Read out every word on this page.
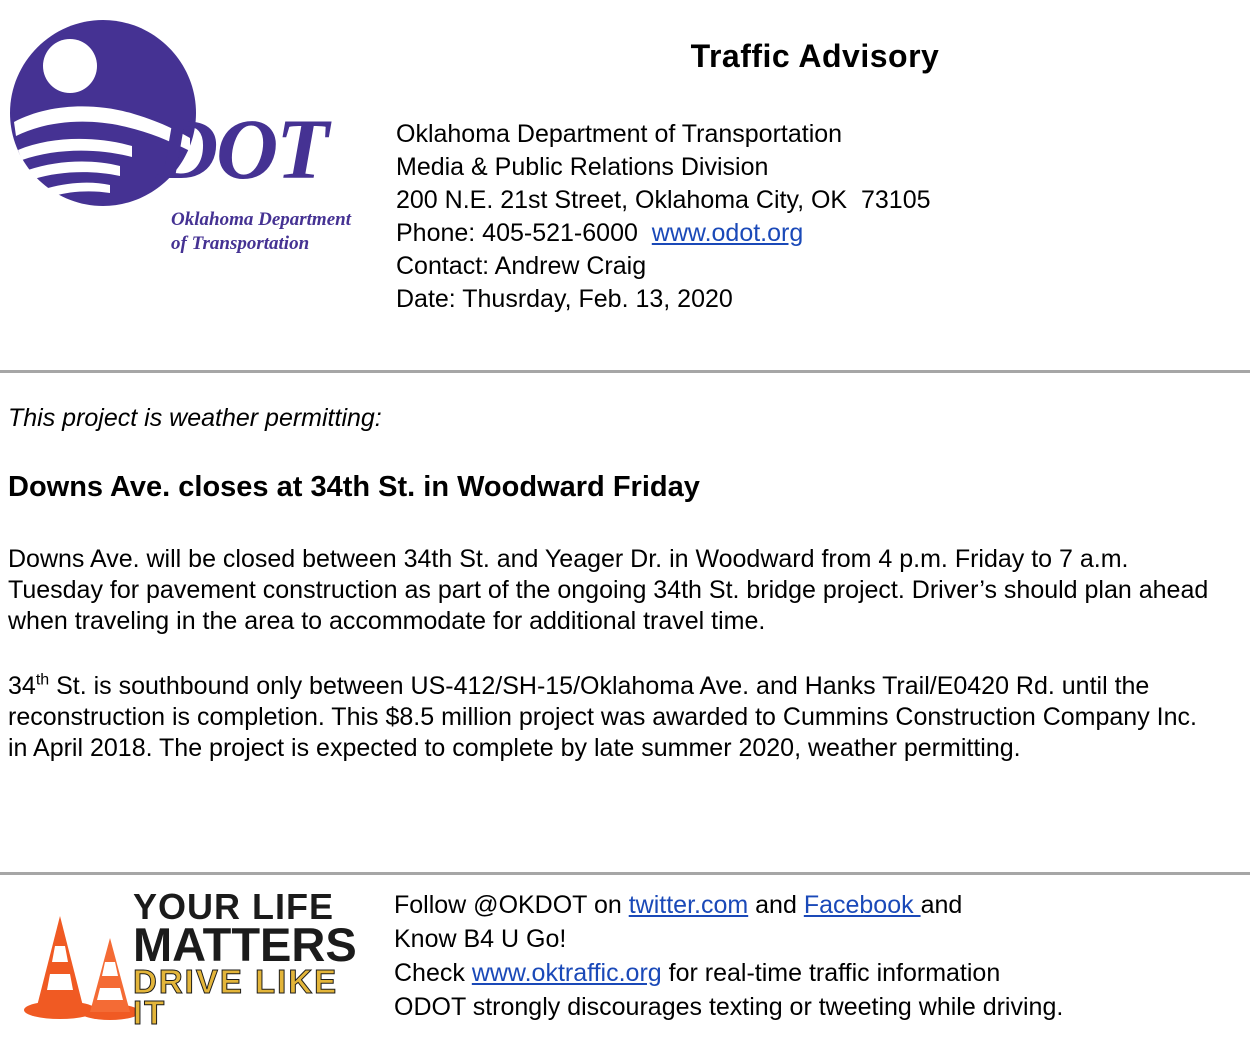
DOT
Oklahoma Department
of Transportation
Traffic Advisory
Oklahoma Department of Transportation
Media & Public Relations Division
200 N.E. 21st Street, Oklahoma City, OK  73105
Phone: 405-521-6000 www.odot.org
Contact: Andrew Craig
Date: Thusrday, Feb. 13, 2020

This project is weather permitting:

Downs Ave. closes at 34th St. in Woodward Friday

Downs Ave. will be closed between 34th St. and Yeager Dr. in Woodward from 4 p.m. Friday to 7 a.m. Tuesday for pavement construction as part of the ongoing 34th St. bridge project. Driver’s should plan ahead when traveling in the area to accommodate for additional travel time.

34th St. is southbound only between US-412/SH-15/Oklahoma Ave. and Hanks Trail/E0420 Rd. until the reconstruction is completion. This $8.5 million project was awarded to Cummins Construction Company Inc. in April 2018. The project is expected to complete by late summer 2020, weather permitting.

YOUR LIFE
MATTERS
DRIVE LIKE IT
Follow @OKDOT on twitter.com and Facebook and
Know B4 U Go!
Check www.oktraffic.org for real-time traffic information
ODOT strongly discourages texting or tweeting while driving.
